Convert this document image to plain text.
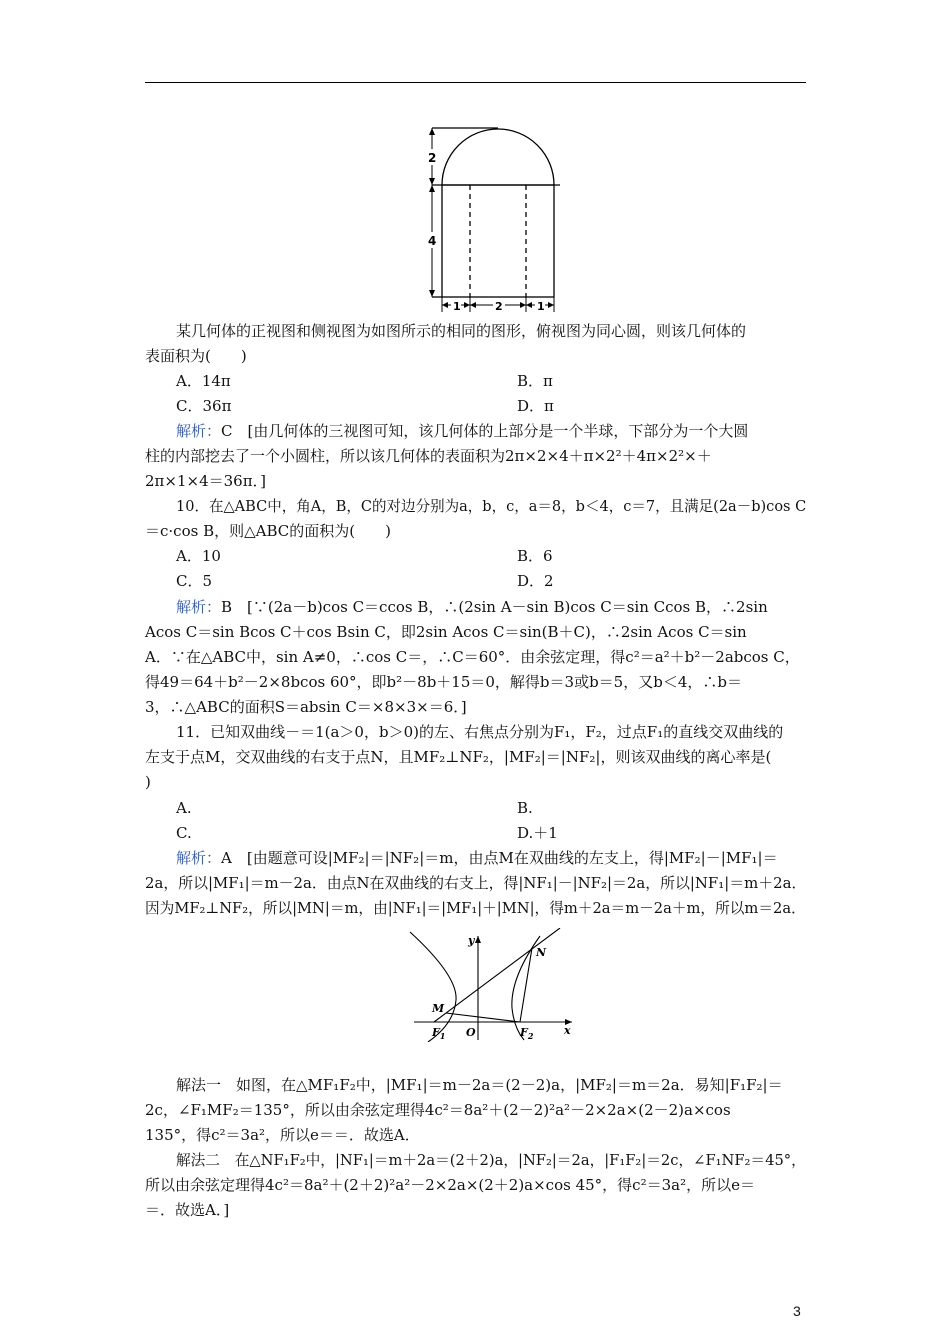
2
4
1	2	1
某几何体的正视图和侧视图为如图所示的相同的图形，俯视图为同心圆，则该几何体的
表面积为(　　)
A．14π	B．π
C．36π	D．π
解析：C　[由几何体的三视图可知，该几何体的上部分是一个半球，下部分为一个大圆
柱的内部挖去了一个小圆柱，所以该几何体的表面积为2π×2×4＋π×2²＋4π×2²×＋
2π×1×4＝36π．]
10．在△ABC中，角A，B，C的对边分别为a，b，c，a＝8，b＜4，c＝7，且满足(2a－b)cos C
＝c·cos B，则△ABC的面积为(　　)
A．10	B．6
C．5	D．2
解析：B　[∵(2a－b)cos C＝ccos B，∴(2sin A－sin B)cos C＝sin Ccos B，∴2sin
Acos C＝sin Bcos C＋cos Bsin C，即2sin Acos C＝sin(B＋C)，∴2sin Acos C＝sin
A．∵在△ABC中，sin A≠0，∴cos C＝，∴C＝60°．由余弦定理，得c²＝a²＋b²－2abcos C，
得49＝64＋b²－2×8bcos 60°，即b²－8b＋15＝0，解得b＝3或b＝5，又b＜4，∴b＝
3，∴△ABC的面积S＝absin C＝×8×3×＝6．]
11．已知双曲线－＝1(a＞0，b＞0)的左、右焦点分别为F₁，F₂，过点F₁的直线交双曲线的
左支于点M，交双曲线的右支于点N，且MF₂⊥NF₂，|MF₂|＝|NF₂|，则该双曲线的离心率是(
)
A.	B.
C.	D.＋1
解析：A　[由题意可设|MF₂|＝|NF₂|＝m，由点M在双曲线的左支上，得|MF₂|－|MF₁|＝
2a，所以|MF₁|＝m－2a．由点N在双曲线的右支上，得|NF₁|－|NF₂|＝2a，所以|NF₁|＝m＋2a．
因为MF₂⊥NF₂，所以|MN|＝m，由|NF₁|＝|MF₁|＋|MN|，得m＋2a＝m－2a＋m，所以m＝2a．
y
x
N
M
$F_1$ O	$F_2$
解法一　如图，在△MF₁F₂中，|MF₁|＝m－2a＝(2－2)a，|MF₂|＝m＝2a．易知|F₁F₂|＝
2c，∠F₁MF₂＝135°，所以由余弦定理得4c²＝8a²＋(2－2)²a²－2×2a×(2－2)a×cos
135°，得c²＝3a²，所以e＝＝．故选A．
解法二　在△NF₁F₂中，|NF₁|＝m＋2a＝(2＋2)a，|NF₂|＝2a，|F₁F₂|＝2c，∠F₁NF₂＝45°，
所以由余弦定理得4c²＝8a²＋(2＋2)²a²－2×2a×(2＋2)a×cos 45°，得c²＝3a²，所以e＝
＝．故选A．]
3
